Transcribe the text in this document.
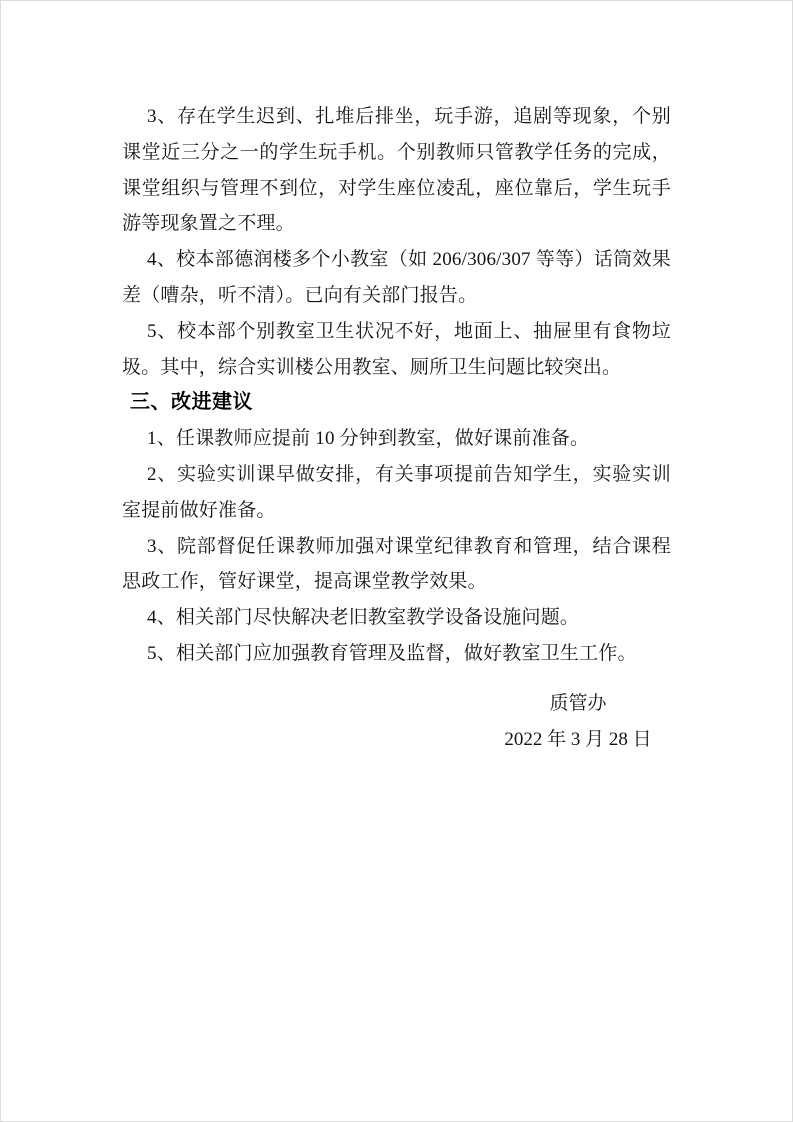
3、存在学生迟到、扎堆后排坐，玩手游，追剧等现象，个别课堂近三分之一的学生玩手机。个别教师只管教学任务的完成，课堂组织与管理不到位，对学生座位凌乱，座位靠后，学生玩手游等现象置之不理。

4、校本部德润楼多个小教室（如 206/306/307 等等）话筒效果差（嘈杂，听不清）。已向有关部门报告。

5、校本部个别教室卫生状况不好，地面上、抽屉里有食物垃圾。其中，综合实训楼公用教室、厕所卫生问题比较突出。

三、改进建议

1、任课教师应提前 10 分钟到教室，做好课前准备。

2、实验实训课早做安排，有关事项提前告知学生，实验实训室提前做好准备。

3、院部督促任课教师加强对课堂纪律教育和管理，结合课程思政工作，管好课堂，提高课堂教学效果。

4、相关部门尽快解决老旧教室教学设备设施问题。

5、相关部门应加强教育管理及监督，做好教室卫生工作。

质管办
2022 年 3 月 28 日
